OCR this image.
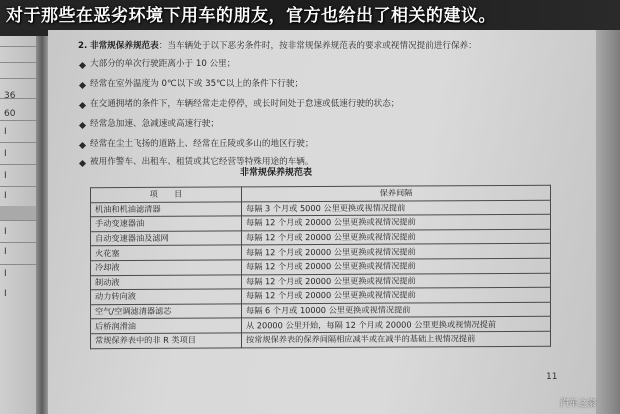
36
60
I
I
I
I
I
I
I
I
对于那些在恶劣环境下用车的朋友，官方也给出了相关的建议。
2. 非常规保养规范表：当车辆处于以下恶劣条件时，按非常规保养规范表的要求或视情况提前进行保养：
大部分的单次行驶距离小于 10 公里；
经常在室外温度为 0℃以下或 35℃以上的条件下行驶；
在交通拥堵的条件下，车辆经常走走停停，或长时间处于怠速或低速行驶的状态；
经常急加速、急减速或高速行驶；
经常在尘土飞扬的道路上、经常在丘陵或多山的地区行驶；
被用作警车、出租车、租赁或其它经营等特殊用途的车辆。
非常规保养规范表
项　　目	保养间隔
机油和机油滤清器	每隔 3 个月或 5000 公里更换或视情况提前
手动变速器油	每隔 12 个月或 20000 公里更换或视情况提前
自动变速器油及滤网	每隔 12 个月或 20000 公里更换或视情况提前
火花塞	每隔 12 个月或 20000 公里更换或视情况提前
冷却液	每隔 12 个月或 20000 公里更换或视情况提前
制动液	每隔 12 个月或 20000 公里更换或视情况提前
动力转向液	每隔 12 个月或 20000 公里更换或视情况提前
空气/空调滤清器滤芯	每隔 6 个月或 10000 公里更换或视情况提前
后桥润滑油	从 20000 公里开始，每隔 12 个月或 20000 公里更换或视情况提前
常规保养表中的非 R 类项目	按常规保养表的保养间隔相应减半或在减半的基础上视情况提前
11
汽车之家
